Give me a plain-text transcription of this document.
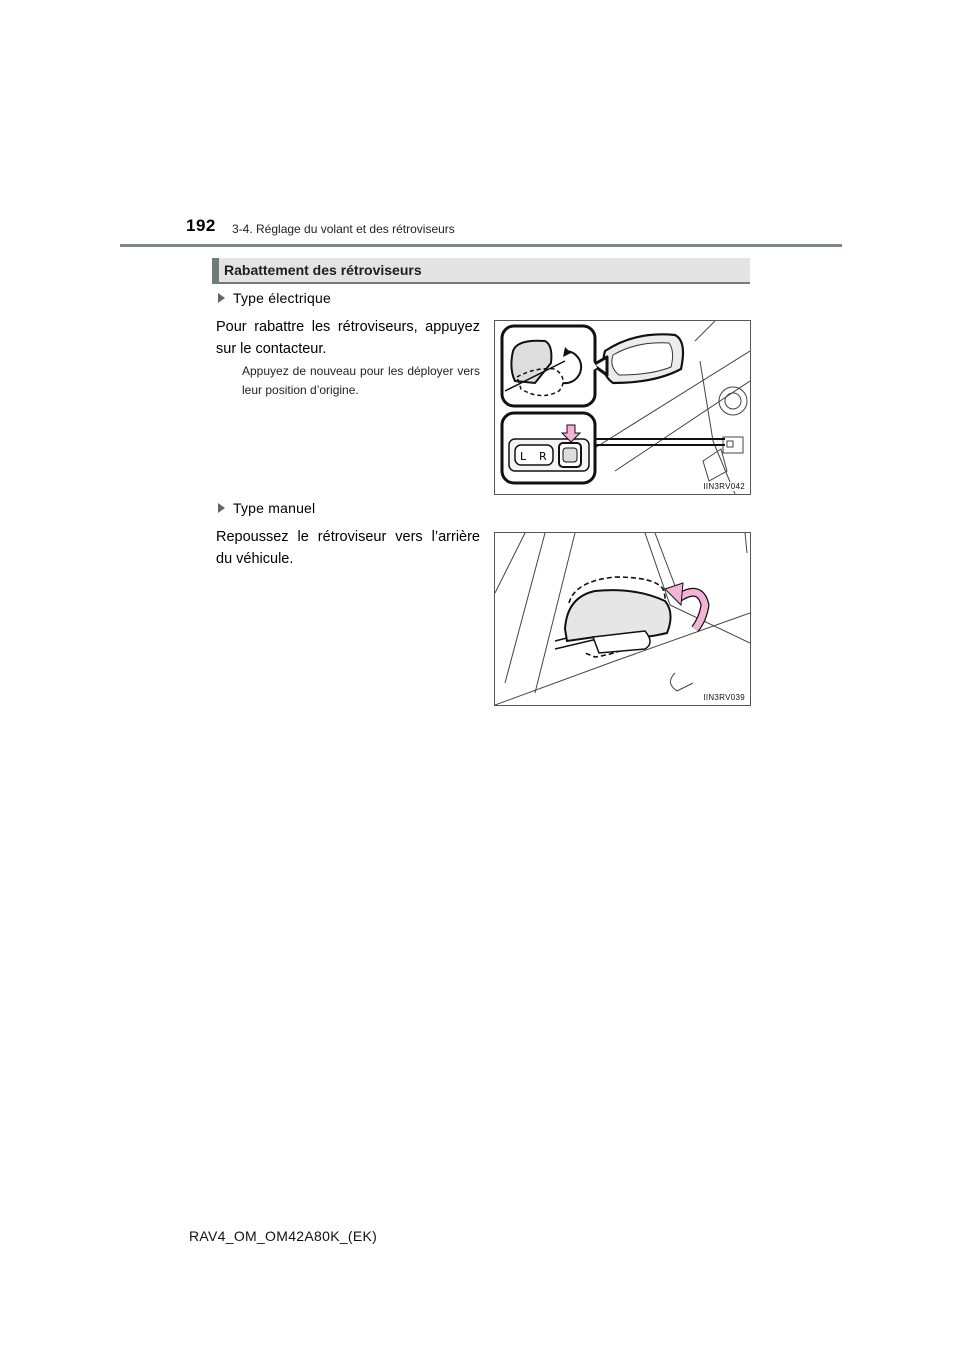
192 3-4. Réglage du volant et des rétroviseurs
Rabattement des rétroviseurs
Type électrique
Pour rabattre les rétroviseurs, appuyez sur le contacteur.
Appuyez de nouveau pour les déployer vers leur position d’origine.
L R
IIN3RV042
Type manuel
Repoussez le rétroviseur vers l’arrière du véhicule.
IIN3RV039
RAV4_OM_OM42A80K_(EK)
